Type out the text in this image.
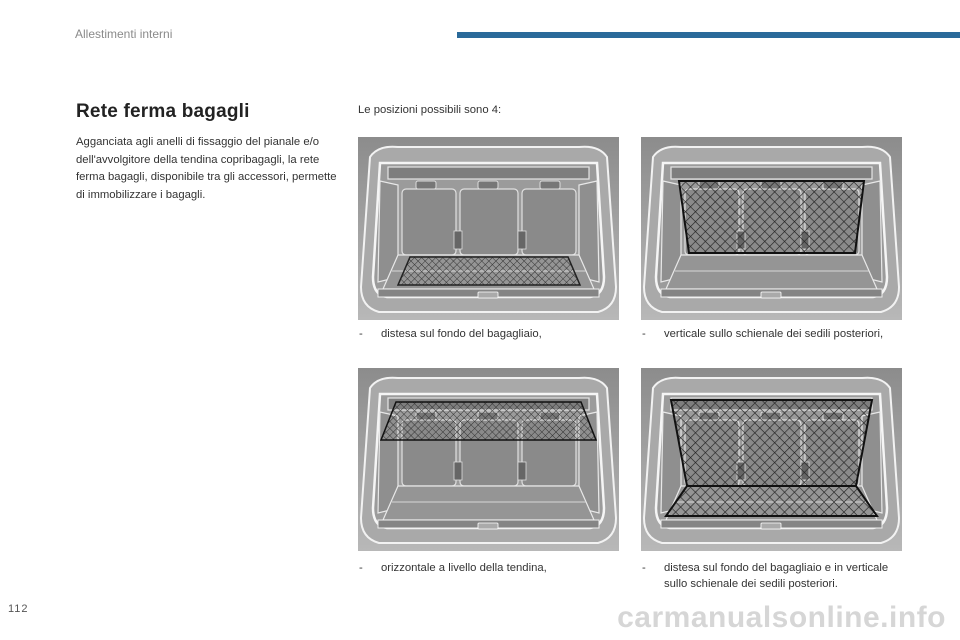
Allestimenti interni
Rete ferma bagagli

Agganciata agli anelli di fissaggio del pianale e/o dell'avvolgitore della tendina copribagagli, la rete ferma bagagli, disponibile tra gli accessori, permette di immobilizzare i bagagli.

Le posizioni possibili sono 4:
-	distesa sul fondo del bagagliaio,	-	verticale sullo schienale dei sedili posteriori,
-	orizzontale a livello della tendina,	-	distesa sul fondo del bagagliaio e in verticale sullo schienale dei sedili posteriori.
112	carmanualsonline.info
